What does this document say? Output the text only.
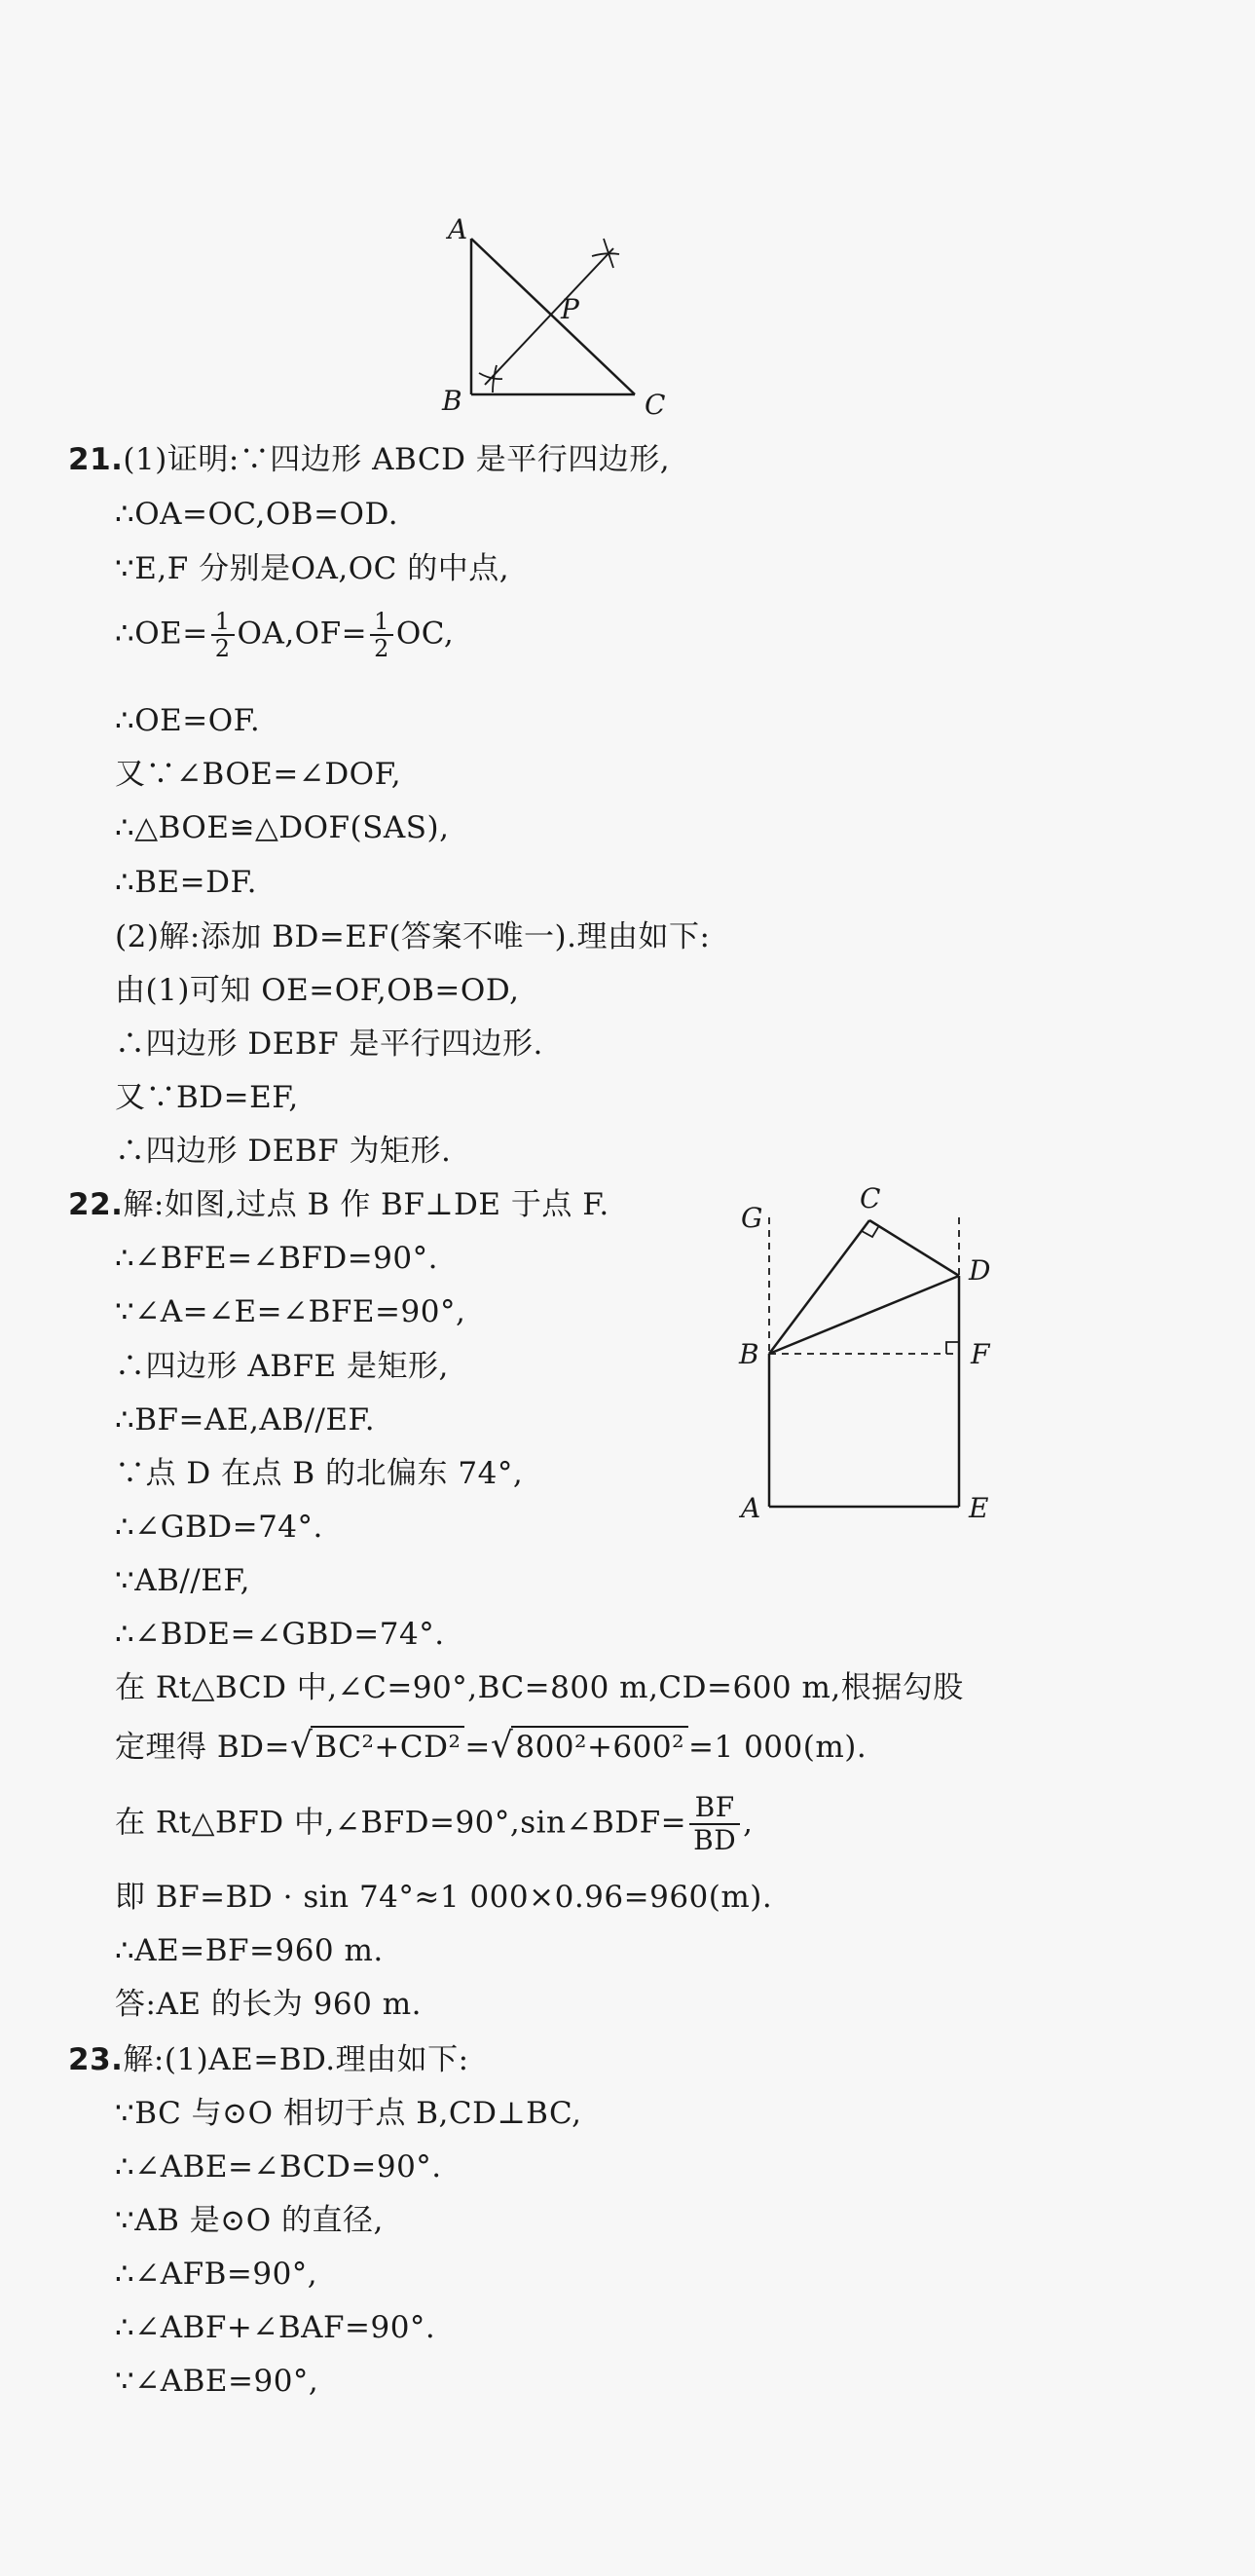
A
B	C
P
21.(1)证明:∵四边形 ABCD 是平行四边形,
∴OA=OC,OB=OD.
∵E,F 分别是OA,OC 的中点,
∴OE= $\frac{1}{2} OA,OF= \frac{1}{2}$ OC,
∴OE=OF.
又∵∠BOE=∠DOF,
∴△BOE≌△DOF(SAS),
∴BE=DF.
(2)解:添加 BD=EF(答案不唯一).理由如下:
由(1)可知 OE=OF,OB=OD,
∴四边形 DEBF 是平行四边形.
又∵BD=EF,
∴四边形 DEBF 为矩形.
G
C
D
B	F
A	E
22.解:如图,过点 B 作 BF⊥DE 于点 F.
∴∠BFE=∠BFD=90°.
∵∠A=∠E=∠BFE=90°,
∴四边形 ABFE 是矩形,
∴BF=AE,AB//EF.
∵点 D 在点 B 的北偏东 74°,
∴∠GBD=74°.
∵AB//EF,
∴∠BDE=∠GBD=74°.
在 Rt△BCD 中,∠C=90°,BC=800 m,CD=600 m,根据勾股
定理得 BD=√BC²+CD² =√800²+600² =1 000(m).
在 Rt△BFD 中,∠BFD=90°,sin∠BDF= $\frac{BF}{BD}$ ,
即 BF=BD · sin 74°≈1 000×0.96=960(m).
∴AE=BF=960 m.
答:AE 的长为 960 m.
23.解:(1)AE=BD.理由如下:
∵BC 与⊙O 相切于点 B,CD⊥BC,
∴∠ABE=∠BCD=90°.
∵AB 是⊙O 的直径,
∴∠AFB=90°,
∴∠ABF+∠BAF=90°.
∵∠ABE=90°,
